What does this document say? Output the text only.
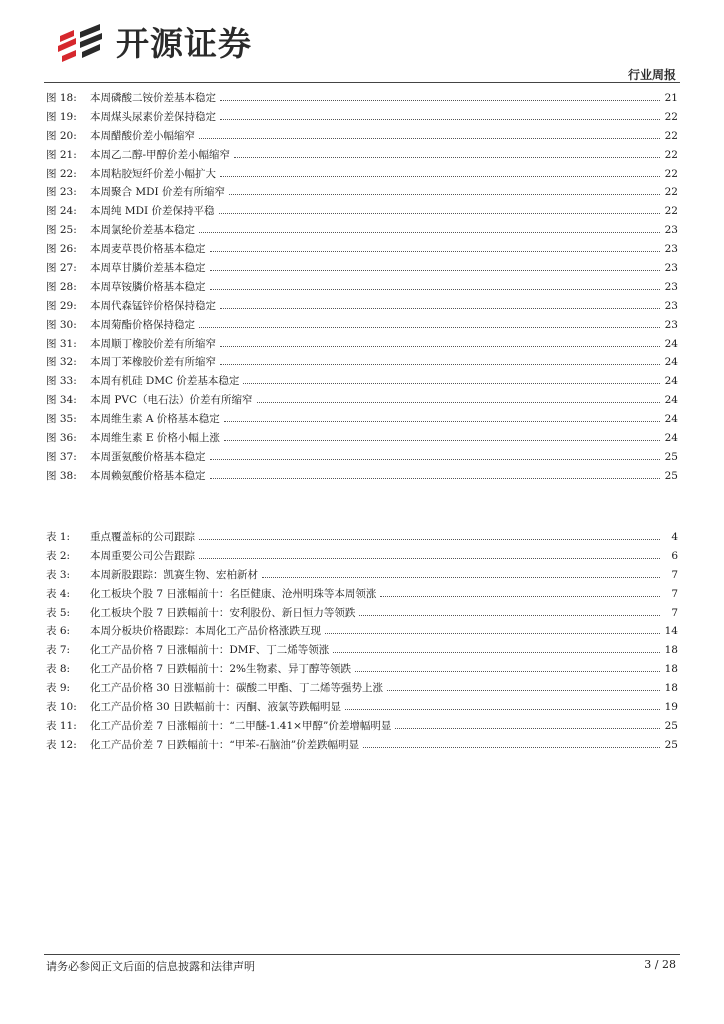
开源证券
行业周报
图 18:	本周磷酸二铵价差基本稳定	21
图 19:	本周煤头尿素价差保持稳定	22
图 20:	本周醋酸价差小幅缩窄	22
图 21:	本周乙二醇-甲醇价差小幅缩窄	22
图 22:	本周粘胶短纤价差小幅扩大	22
图 23:	本周聚合 MDI 价差有所缩窄	22
图 24:	本周纯 MDI 价差保持平稳	22
图 25:	本周氯纶价差基本稳定	23
图 26:	本周麦草畏价格基本稳定	23
图 27:	本周草甘膦价差基本稳定	23
图 28:	本周草铵膦价格基本稳定	23
图 29:	本周代森锰锌价格保持稳定	23
图 30:	本周菊酯价格保持稳定	23
图 31:	本周顺丁橡胶价差有所缩窄	24
图 32:	本周丁苯橡胶价差有所缩窄	24
图 33:	本周有机硅 DMC 价差基本稳定	24
图 34:	本周 PVC（电石法）价差有所缩窄	24
图 35:	本周维生素 A 价格基本稳定	24
图 36:	本周维生素 E 价格小幅上涨	24
图 37:	本周蛋氨酸价格基本稳定	25
图 38:	本周赖氨酸价格基本稳定	25
表 1:	重点覆盖标的公司跟踪	4
表 2:	本周重要公司公告跟踪	6
表 3:	本周新股跟踪：凯赛生物、宏柏新材	7
表 4:	化工板块个股 7 日涨幅前十：名臣健康、沧州明珠等本周领涨	7
表 5:	化工板块个股 7 日跌幅前十：安利股份、新日恒力等领跌	7
表 6:	本周分板块价格跟踪：本周化工产品价格涨跌互现	14
表 7:	化工产品价格 7 日涨幅前十：DMF、丁二烯等领涨	18
表 8:	化工产品价格 7 日跌幅前十：2%生物素、异丁醇等领跌	18
表 9:	化工产品价格 30 日涨幅前十：碳酸二甲酯、丁二烯等强势上涨	18
表 10:	化工产品价格 30 日跌幅前十：丙酮、液氯等跌幅明显	19
表 11:	化工产品价差 7 日涨幅前十：“二甲醚-1.41×甲醇”价差增幅明显	25
表 12:	化工产品价差 7 日跌幅前十：“甲苯-石脑油”价差跌幅明显	25
请务必参阅正文后面的信息披露和法律声明	3 / 28
